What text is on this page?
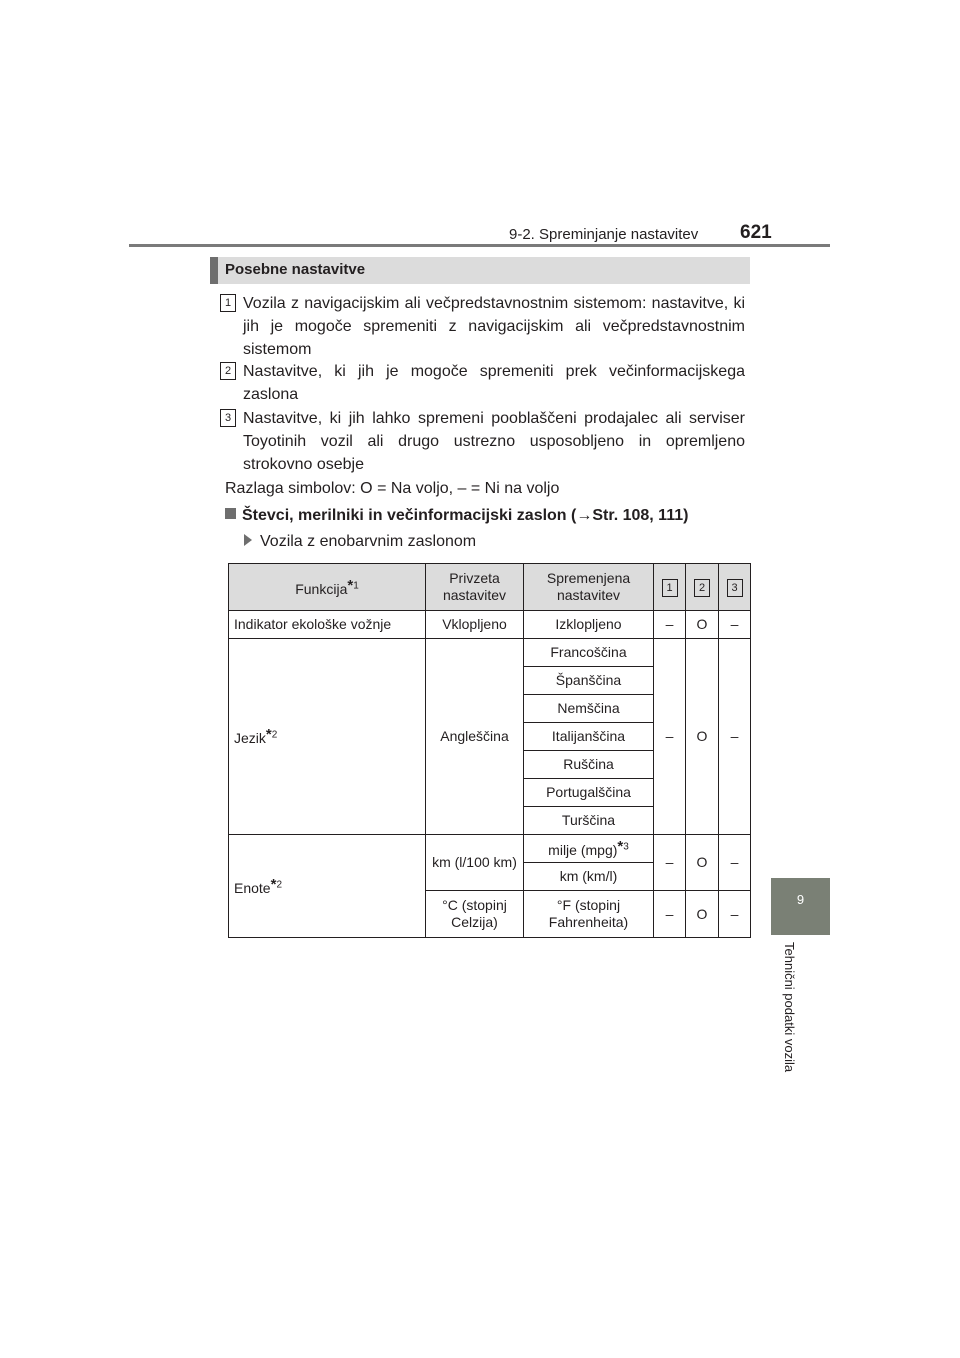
9-2. Spreminjanje nastavitev 621
9
Tehnični podatki vozila
Posebne nastavitve
1 Vozila z navigacijskim ali večpredstavnostnim sistemom: nastavitve, ki jih je mogoče spremeniti z navigacijskim ali večpredstavnostnim sistemom
2 Nastavitve, ki jih je mogoče spremeniti prek večinformacijskega zaslona
3 Nastavitve, ki jih lahko spremeni pooblaščeni prodajalec ali serviser Toyotinih vozil ali drugo ustrezno usposobljeno in opremljeno strokovno osebje
Razlaga simbolov: O = Na voljo, – = Ni na voljo
Števci, merilniki in večinformacijski zaslon (→Str. 108, 111)
Vozila z enobarvnim zaslonom
Funkcija*$^1$	Privzeta nastavitev	Spremenjena nastavitev	1	2	3
Indikator ekološke vožnje	Vklopljeno	Izklopljeno	–	O	–
Jezik*$^2$	Angleščina	Francoščina	–	O	–
		Španščina			
		Nemščina			
		Italijanščina			
		Ruščina			
		Portugalščina			
		Turščina			
Enote*$^2$	km (l/100 km)	milje (mpg)*$^3$	–	O	–
		km (km/l)			
	°C (stopinj Celzija)	°F (stopinj Fahrenheita)	–	O	–
